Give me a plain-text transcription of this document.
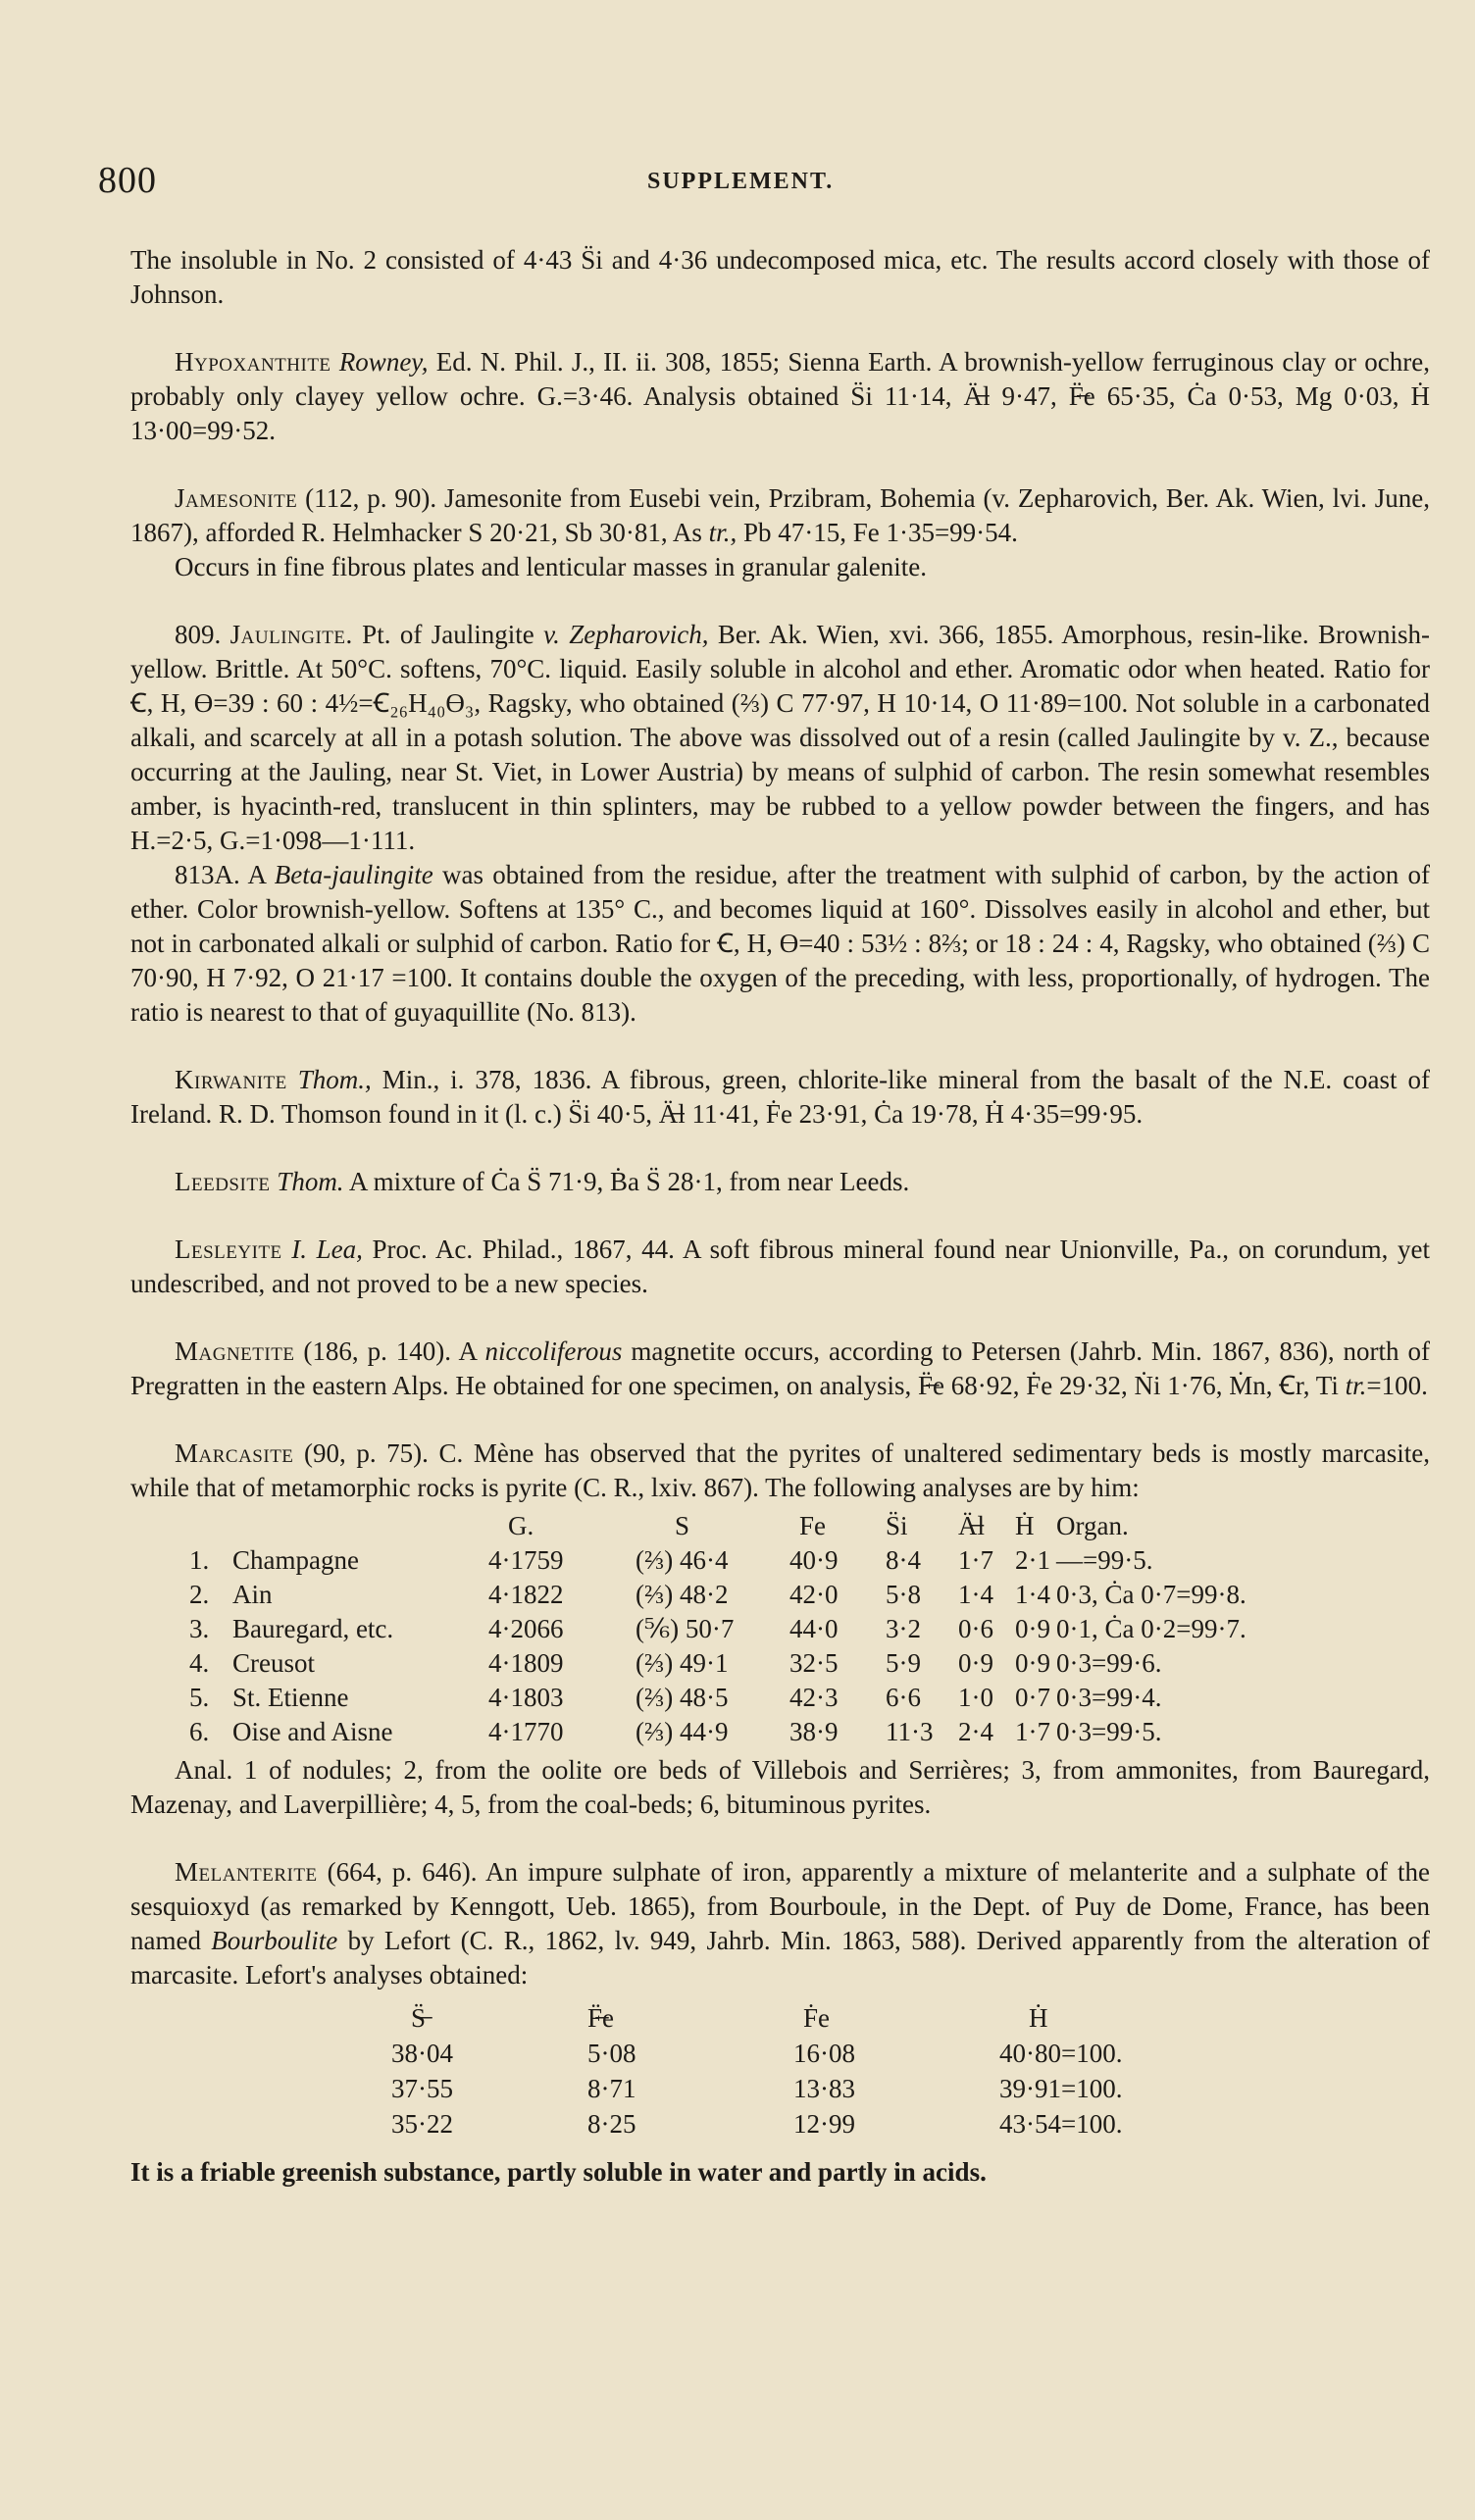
800	SUPPLEMENT.

The insoluble in No. 2 consisted of 4·43 S̈i and 4·36 undecomposed mica, etc. The results accord closely with those of Johnson.

Hypoxanthite Rowney, Ed. N. Phil. J., II. ii. 308, 1855; Sienna Earth. A brownish-yellow ferruginous clay or ochre, probably only clayey yellow ochre. G.=3·46. Analysis obtained S̈i 11·14, Ä̶l 9·47, F̶̈e 65·35, Ċa 0·53, Mg 0·03, Ḣ 13·00=99·52.

Jamesonite (112, p. 90). Jamesonite from Eusebi vein, Przibram, Bohemia (v. Zepharovich, Ber. Ak. Wien, lvi. June, 1867), afforded R. Helmhacker S 20·21, Sb 30·81, As tr., Pb 47·15, Fe 1·35=99·54.

Occurs in fine fibrous plates and lenticular masses in granular galenite.

809. Jaulingite. Pt. of Jaulingite v. Zepharovich, Ber. Ak. Wien, xvi. 366, 1855. Amorphous, resin-like. Brownish-yellow. Brittle. At 50°C. softens, 70°C. liquid. Easily soluble in alcohol and ether. Aromatic odor when heated. Ratio for Ꞓ, H, Ɵ=39 : 60 : 4½=Ꞓ₂₆H₄₀Ɵ₃, Ragsky, who obtained (⅔) C 77·97, H 10·14, O 11·89=100. Not soluble in a carbonated alkali, and scarcely at all in a potash solution. The above was dissolved out of a resin (called Jaulingite by v. Z., because occurring at the Jauling, near St. Viet, in Lower Austria) by means of sulphid of carbon. The resin somewhat resembles amber, is hyacinth-red, translucent in thin splinters, may be rubbed to a yellow powder between the fingers, and has H.=2·5, G.=1·098—1·111.

813A. A Beta-jaulingite was obtained from the residue, after the treatment with sulphid of carbon, by the action of ether. Color brownish-yellow. Softens at 135° C., and becomes liquid at 160°. Dissolves easily in alcohol and ether, but not in carbonated alkali or sulphid of carbon. Ratio for Ꞓ, H, Ɵ=40 : 53½ : 8⅔; or 18 : 24 : 4, Ragsky, who obtained (⅔) C 70·90, H 7·92, O 21·17 =100. It contains double the oxygen of the preceding, with less, proportionally, of hydrogen. The ratio is nearest to that of guyaquillite (No. 813).

Kirwanite Thom., Min., i. 378, 1836. A fibrous, green, chlorite-like mineral from the basalt of the N.E. coast of Ireland. R. D. Thomson found in it (l. c.) S̈i 40·5, Ä̶l 11·41, Ḟe 23·91, Ċa 19·78, Ḣ 4·35=99·95.

Leedsite Thom. A mixture of Ċa S̈ 71·9, Ḃa S̈ 28·1, from near Leeds.

Lesleyite I. Lea, Proc. Ac. Philad., 1867, 44. A soft fibrous mineral found near Unionville, Pa., on corundum, yet undescribed, and not proved to be a new species.

Magnetite (186, p. 140). A niccoliferous magnetite occurs, according to Petersen (Jahrb. Min. 1867, 836), north of Pregratten in the eastern Alps. He obtained for one specimen, on analysis, F̶̈e 68·92, Ḟe 29·32, Ṅi 1·76, Ṁn, Ꞓr, Ti tr.=100.

Marcasite (90, p. 75). C. Mène has observed that the pyrites of unaltered sedimentary beds is mostly marcasite, while that of metamorphic rocks is pyrite (C. R., lxiv. 867). The following analyses are by him:

		G.	S	Fe	S̈i	Ä̶l	Ḣ	Organ.
1.	Champagne	4·1759	(⅔) 46·4	40·9	8·4	1·7	2·1	—=99·5.
2.	Ain	4·1822	(⅔) 48·2	42·0	5·8	1·4	1·4	0·3, Ċa 0·7=99·8.
3.	Bauregard, etc.	4·2066	(⅚) 50·7	44·0	3·2	0·6	0·9	0·1, Ċa 0·2=99·7.
4.	Creusot	4·1809	(⅔) 49·1	32·5	5·9	0·9	0·9	0·3=99·6.
5.	St. Etienne	4·1803	(⅔) 48·5	42·3	6·6	1·0	0·7	0·3=99·4.
6.	Oise and Aisne	4·1770	(⅔) 44·9	38·9	11·3	2·4	1·7	0·3=99·5.

Anal. 1 of nodules; 2, from the oolite ore beds of Villebois and Serrières; 3, from ammonites, from Bauregard, Mazenay, and Laverpillière; 4, 5, from the coal-beds; 6, bituminous pyrites.

Melanterite (664, p. 646). An impure sulphate of iron, apparently a mixture of melanterite and a sulphate of the sesquioxyd (as remarked by Kenngott, Ueb. 1865), from Bourboule, in the Dept. of Puy de Dome, France, has been named Bourboulite by Lefort (C. R., 1862, lv. 949, Jahrb. Min. 1863, 588). Derived apparently from the alteration of marcasite. Lefort's analyses obtained:

S̶̈	F̶̈e	Ḟe	Ḣ
38·04	5·08	16·08	40·80=100.
37·55	8·71	13·83	39·91=100.
35·22	8·25	12·99	43·54=100.

It is a friable greenish substance, partly soluble in water and partly in acids.
